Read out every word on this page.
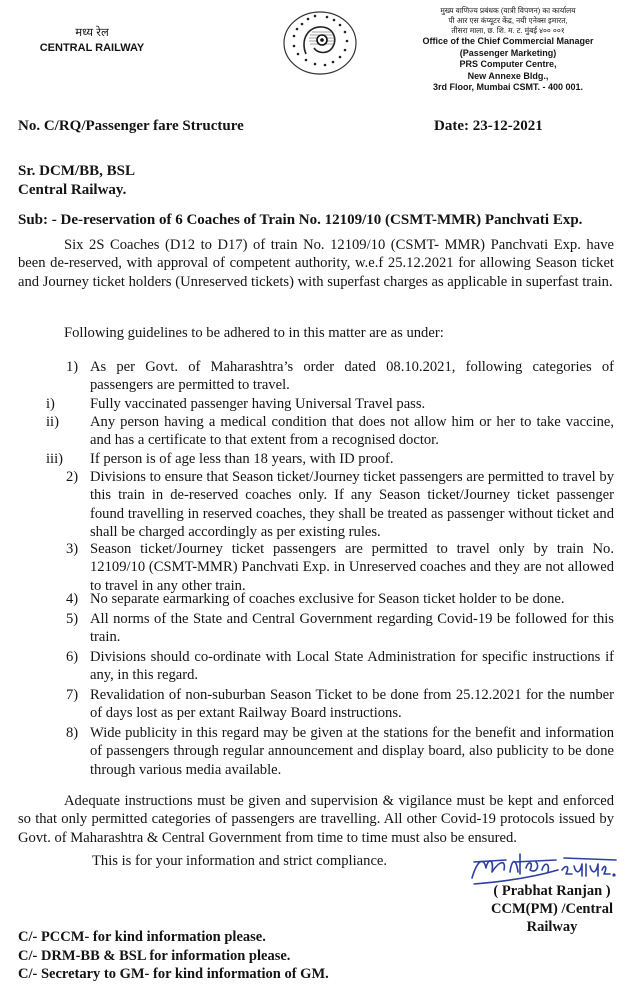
मध्य रेल
CENTRAL RAILWAY
मुख्य वाणिज्य प्रबंधक (यात्री विपणन) का कार्यालय
पी आर एस कंप्यूटर केंद्र, नयी एनेक्स इमारत,
तीसरा माला, छ. शि. म. ट. मुंबई ४०० ००१
Office of the Chief Commercial Manager
(Passenger Marketing)
PRS Computer Centre,
New Annexe Bldg.,
3rd Floor, Mumbai CSMT. - 400 001.
No. C/RQ/Passenger fare Structure	Date: 23-12-2021
Sr. DCM/BB, BSL
Central Railway.
Sub: - De-reservation of 6 Coaches of Train No. 12109/10 (CSMT-MMR) Panchvati Exp.
Six 2S Coaches (D12 to D17) of train No. 12109/10 (CSMT- MMR) Panchvati Exp. have been de-reserved, with approval of competent authority, w.e.f 25.12.2021 for allowing Season ticket and Journey ticket holders (Unreserved tickets) with superfast charges as applicable in superfast train.
Following guidelines to be adhered to in this matter are as under:
1) As per Govt. of Maharashtra’s order dated 08.10.2021, following categories of passengers are permitted to travel.
i) Fully vaccinated passenger having Universal Travel pass.
ii) Any person having a medical condition that does not allow him or her to take vaccine, and has a certificate to that extent from a recognised doctor.
iii) If person is of age less than 18 years, with ID proof.
2) Divisions to ensure that Season ticket/Journey ticket passengers are permitted to travel by this train in de-reserved coaches only. If any Season ticket/Journey ticket passenger found travelling in reserved coaches, they shall be treated as passenger without ticket and shall be charged accordingly as per existing rules.
3) Season ticket/Journey ticket passengers are permitted to travel only by train No. 12109/10 (CSMT-MMR) Panchvati Exp. in Unreserved coaches and they are not allowed to travel in any other train.
4) No separate earmarking of coaches exclusive for Season ticket holder to be done.
5) All norms of the State and Central Government regarding Covid-19 be followed for this train.
6) Divisions should co-ordinate with Local State Administration for specific instructions if any, in this regard.
7) Revalidation of non-suburban Season Ticket to be done from 25.12.2021 for the number of days lost as per extant Railway Board instructions.
8) Wide publicity in this regard may be given at the stations for the benefit and information of passengers through regular announcement and display board, also publicity to be done through various media available.
Adequate instructions must be given and supervision & vigilance must be kept and enforced so that only permitted categories of passengers are travelling. All other Covid-19 protocols issued by Govt. of Maharashtra & Central Government from time to time must also be ensured.
This is for your information and strict compliance.
( Prabhat Ranjan )
CCM(PM) /Central Railway
C/- PCCM- for kind information please.
C/- DRM-BB & BSL for information please.
C/- Secretary to GM- for kind information of GM.
